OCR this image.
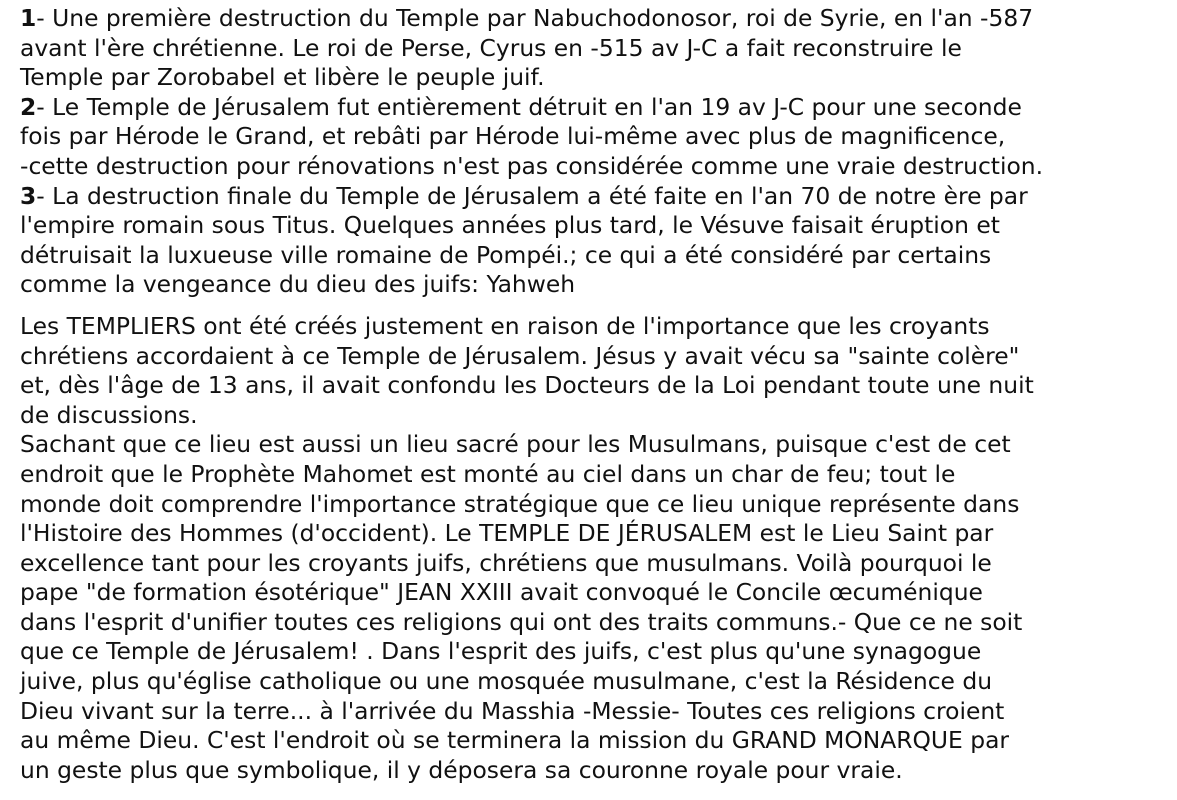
1- Une première destruction du Temple par Nabuchodonosor, roi de Syrie, en l'an -587
avant l'ère chrétienne. Le roi de Perse, Cyrus en -515 av J-C a fait reconstruire le
Temple par Zorobabel et libère le peuple juif.
2- Le Temple de Jérusalem fut entièrement détruit en l'an 19 av J-C pour une seconde
fois par Hérode le Grand, et rebâti par Hérode lui-même avec plus de magnificence,
-cette destruction pour rénovations n'est pas considérée comme une vraie destruction.
3- La destruction finale du Temple de Jérusalem a été faite en l'an 70 de notre ère par
l'empire romain sous Titus. Quelques années plus tard, le Vésuve faisait éruption et
détruisait la luxueuse ville romaine de Pompéi.; ce qui a été considéré par certains
comme la vengeance du dieu des juifs: Yahweh
Les TEMPLIERS ont été créés justement en raison de l'importance que les croyants
chrétiens accordaient à ce Temple de Jérusalem. Jésus y avait vécu sa "sainte colère"
et, dès l'âge de 13 ans, il avait confondu les Docteurs de la Loi pendant toute une nuit
de discussions.
Sachant que ce lieu est aussi un lieu sacré pour les Musulmans, puisque c'est de cet
endroit que le Prophète Mahomet est monté au ciel dans un char de feu; tout le
monde doit comprendre l'importance stratégique que ce lieu unique représente dans
l'Histoire des Hommes (d'occident). Le TEMPLE DE JÉRUSALEM est le Lieu Saint par
excellence tant pour les croyants juifs, chrétiens que musulmans. Voilà pourquoi le
pape "de formation ésotérique" JEAN XXIII avait convoqué le Concile œcuménique
dans l'esprit d'unifier toutes ces religions qui ont des traits communs.- Que ce ne soit
que ce Temple de Jérusalem! . Dans l'esprit des juifs, c'est plus qu'une synagogue
juive, plus qu'église catholique ou une mosquée musulmane, c'est la Résidence du
Dieu vivant sur la terre... à l'arrivée du Masshia -Messie- Toutes ces religions croient
au même Dieu. C'est l'endroit où se terminera la mission du GRAND MONARQUE par
un geste plus que symbolique, il y déposera sa couronne royale pour vraie.
